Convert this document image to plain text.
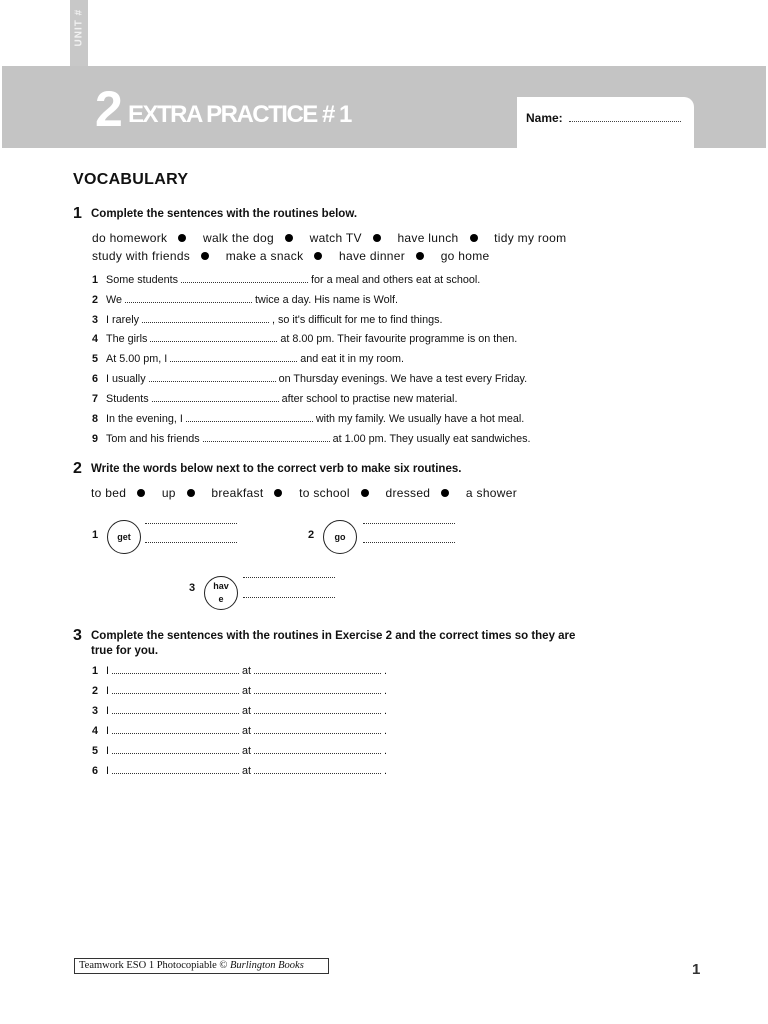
UNIT #
2 EXTRA PRACTICE # 1	Name:
VOCABULARY
1 Complete the sentences with the routines below.
do homework	walk the dog	watch TV	have lunch	tidy my room
study with friends	make a snack	have dinner	go home
1 Some students	for a meal and others eat at school.
2 We	twice a day. His name is Wolf.
3 I rarely	, so it's difficult for me to find things.
4 The girls	at 8.00 pm. Their favourite programme is on then.
5 At 5.00 pm, I	and eat it in my room.
6 I usually	on Thursday evenings. We have a test every Friday.
7 Students	after school to practise new material.
8 In the evening, I	with my family. We usually have a hot meal.
9 Tom and his friends	at 1.00 pm. They usually eat sandwiches.
2 Write the words below next to the correct verb to make six routines.
to bed	up	breakfast	to school	dressed	a shower
1 get	2 go
3 hav
e
3 Complete the sentences with the routines in Exercise 2 and the correct times so they are
true for you.
1 I	at	.
2 I	at	.
3 I	at	.
4 I	at	.
5 I	at	.
6 I	at	.
Teamwork ESO 1 Photocopiable © Burlington Books	1
